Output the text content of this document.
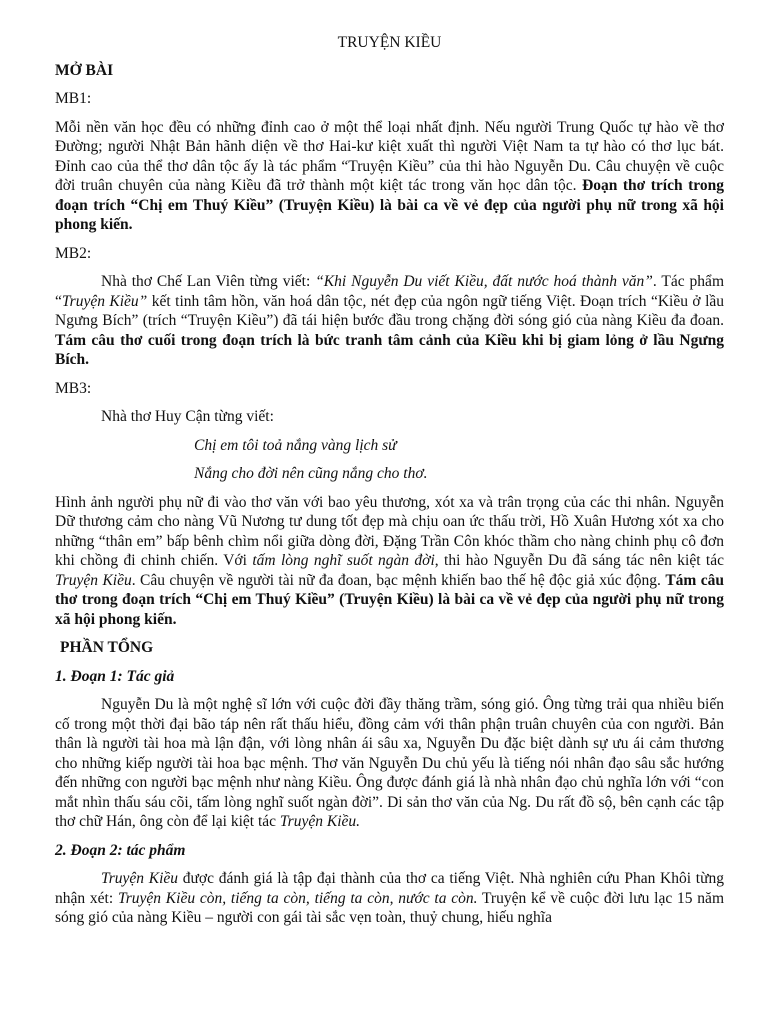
TRUYỆN KIỀU
MỞ BÀI
MB1:

Mỗi nền văn học đều có những đỉnh cao ở một thể loại nhất định. Nếu người Trung Quốc tự hào về thơ Đường; người Nhật Bản hãnh diện về thơ Hai-kư kiệt xuất thì người Việt Nam ta tự hào có thơ lục bát. Đỉnh cao của thể thơ dân tộc ấy là tác phẩm “Truyện Kiều” của thi hào Nguyễn Du. Câu chuyện về cuộc đời truân chuyên của nàng Kiều đã trở thành một kiệt tác trong văn học dân tộc. Đoạn thơ trích trong đoạn trích “Chị em Thuý Kiều” (Truyện Kiều) là bài ca về vẻ đẹp của người phụ nữ trong xã hội phong kiến.

MB2:

Nhà thơ Chế Lan Viên từng viết: “Khi Nguyễn Du viết Kiều, đất nước hoá thành văn”. Tác phẩm “Truyện Kiều” kết tinh tâm hồn, văn hoá dân tộc, nét đẹp của ngôn ngữ tiếng Việt. Đoạn trích “Kiều ở lầu Ngưng Bích” (trích “Truyện Kiều”) đã tái hiện bước đầu trong chặng đời sóng gió của nàng Kiều đa đoan. Tám câu thơ cuối trong đoạn trích là bức tranh tâm cảnh của Kiều khi bị giam lỏng ở lầu Ngưng Bích.

MB3:
Nhà thơ Huy Cận từng viết:
Chị em tôi toả nắng vàng lịch sử
Nắng cho đời nên cũng nắng cho thơ.

Hình ảnh người phụ nữ đi vào thơ văn với bao yêu thương, xót xa và trân trọng của các thi nhân. Nguyễn Dữ thương cảm cho nàng Vũ Nương tư dung tốt đẹp mà chịu oan ức thấu trời, Hồ Xuân Hương xót xa cho những “thân em” bấp bênh chìm nổi giữa dòng đời, Đặng Trần Côn khóc thầm cho nàng chinh phụ cô đơn khi chồng đi chinh chiến. Với tấm lòng nghĩ suốt ngàn đời, thi hào Nguyễn Du đã sáng tác nên kiệt tác Truyện Kiều. Câu chuyện về người tài nữ đa đoan, bạc mệnh khiến bao thế hệ độc giả xúc động. Tám câu thơ trong đoạn trích “Chị em Thuý Kiều” (Truyện Kiều) là bài ca về vẻ đẹp của người phụ nữ trong xã hội phong kiến.

PHẦN TỔNG
1. Đoạn 1: Tác giả

Nguyễn Du là một nghệ sĩ lớn với cuộc đời đầy thăng trầm, sóng gió. Ông từng trải qua nhiều biến cố trong một thời đại bão táp nên rất thấu hiểu, đồng cảm với thân phận truân chuyên của con người. Bản thân là người tài hoa mà lận đận, với lòng nhân ái sâu xa, Nguyễn Du đặc biệt dành sự ưu ái cảm thương cho những kiếp người tài hoa bạc mệnh. Thơ văn Nguyễn Du chủ yếu là tiếng nói nhân đạo sâu sắc hướng đến những con người bạc mệnh như nàng Kiều. Ông được đánh giá là nhà nhân đạo chủ nghĩa lớn với “con mắt nhìn thấu sáu cõi, tấm lòng nghĩ suốt ngàn đời”. Di sản thơ văn của Ng. Du rất đồ sộ, bên cạnh các tập thơ chữ Hán, ông còn để lại kiệt tác Truyện Kiều.

2. Đoạn 2: tác phẩm

Truyện Kiều được đánh giá là tập đại thành của thơ ca tiếng Việt. Nhà nghiên cứu Phan Khôi từng nhận xét: Truyện Kiều còn, tiếng ta còn, tiếng ta còn, nước ta còn. Truyện kể về cuộc đời lưu lạc 15 năm sóng gió của nàng Kiều – người con gái tài sắc vẹn toàn, thuỷ chung, hiếu nghĩa
